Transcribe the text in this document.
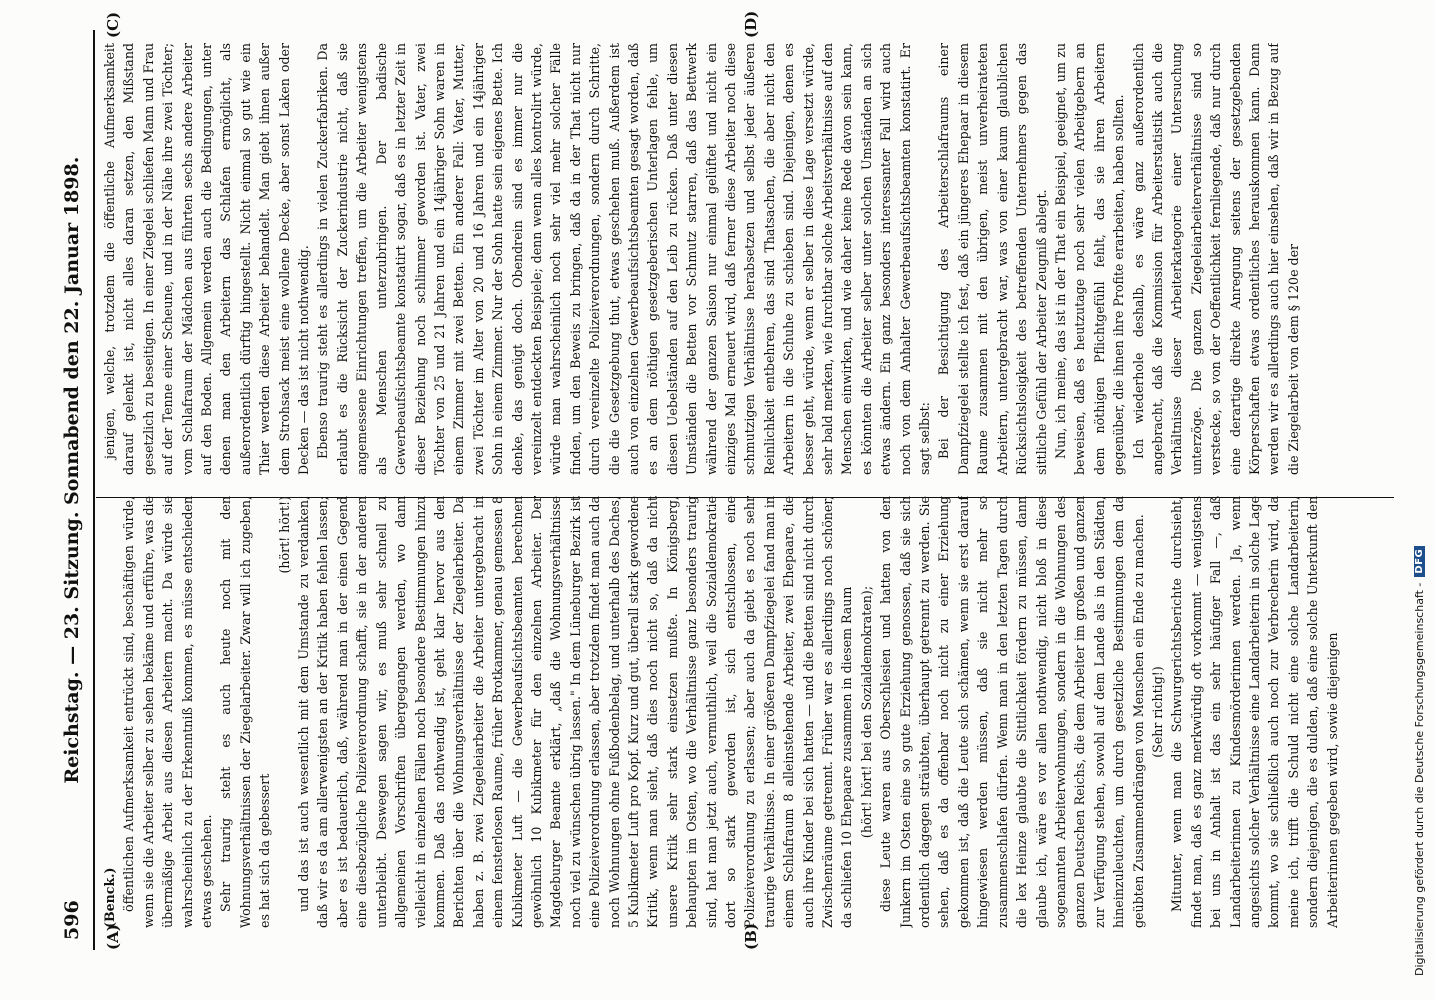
596
Reichstag. — 23. Sitzung. Sonnabend den 22. Januar 1898.
(A)	(B)
(C)	(D)

(Benck.) öffentlichen Aufmerksamkeit entrückt sind, beschäftigen würde, wenn sie die Arbeiter selber zu sehen bekäme und erführe, was die übermäßige Arbeit aus diesen Arbeitern macht. Da würde sie wahrscheinlich zu der Erkenntniß kommen, es müsse entschieden etwas geschehen. Sehr traurig steht es auch heute noch mit den Wohnungsverhältnissen der Ziegelarbeiter. Zwar will ich zugeben, es hat sich da gebessert

(hört! hört!) und das ist auch wesentlich mit dem Umstande zu verdanken, daß wir es da am allerwenigsten an der Kritik haben fehlen lassen; aber es ist bedauerlich, daß, während man in der einen Gegend eine diesbezügliche Polizeiverordnung schafft, sie in der anderen unterbleibt. Deswegen sagen wir, es muß sehr schnell zu allgemeinen Vorschriften übergegangen werden, wo dann vielleicht in einzelnen Fällen noch besondere Bestimmungen hinzu kommen. Daß das nothwendig ist, geht klar hervor aus den Berichten über die Wohnungsverhältnisse der Ziegelarbeiter. Da haben z. B. zwei Ziegeleiarbeiter die Arbeiter untergebracht in einem fensterlosen Raume, früher Brotkammer, genau gemessen 8 Kubikmeter Luft — die Gewerbeaufsichtsbeamten berechnen gewöhnlich 10 Kubikmeter für den einzelnen Arbeiter. Der Magdeburger Beamte erklärt, „daß die Wohnungsverhältnisse noch viel zu wünschen übrig lassen." In dem Lüneburger Bezirk ist eine Polizeiverordnung erlassen, aber trotzdem findet man auch da noch Wohnungen ohne Fußbodenbelag, und unterhalb des Daches, 5 Kubikmeter Luft pro Kopf. Kurz und gut, überall stark gewordene Kritik, wenn man sieht, daß dies noch nicht so, daß da nicht unsere Kritik sehr stark einsetzen mußte. In Königsberg, behaupten im Osten, wo die Verhältnisse ganz besonders traurig sind, hat man jetzt auch, vermuthlich, weil die Sozialdemokratie dort so stark geworden ist, sich entschlossen, eine Polizeiverordnung zu erlassen; aber auch da giebt es noch sehr traurige Verhältnisse. In einer größeren Dampfziegelei fand man in einem Schlafraum 8 alleinstehende Arbeiter, zwei Ehepaare, die auch ihre Kinder bei sich hatten — und die Betten sind nicht durch Zwischenräume getrennt. Früher war es allerdings noch schöner, da schliefen 10 Ehepaare zusammen in diesem Raum (hört! hört! bei den Sozialdemokraten); diese Leute waren aus Oberschlesien und hatten von den Junkern im Osten eine so gute Erziehung genossen, daß sie sich ordentlich dagegen sträubten, überhaupt getrennt zu werden. Sie sehen, daß es da offenbar noch nicht zu einer Erziehung gekommen ist, daß die Leute sich schämen, wenn sie erst darauf hingewiesen werden müssen, daß sie nicht mehr so zusammenschlafen dürfen. Wenn man in den letzten Tagen durch die lex Heinze glaubte die Sittlichkeit fördern zu müssen, dann glaube ich, wäre es vor allen nothwendig, nicht bloß in diese sogenannten Arbeiterwohnungen, sondern in die Wohnungen des ganzen Deutschen Reichs, die dem Arbeiter im großen und ganzen zur Verfügung stehen, sowohl auf dem Lande als in den Städten, hineinzuleuchten, um durch gesetzliche Bestimmungen dem da geübten Zusammendrängen von Menschen ein Ende zu machen. (Sehr richtig!) Mitunter, wenn man die Schwurgerichtsberichte durchsieht, findet man, daß es ganz merkwürdig oft vorkommt — wenigstens bei uns in Anhalt ist das ein sehr häufiger Fall —, daß Landarbeiterinnen zu Kindesmörderinnen werden. Ja, wenn angesichts solcher Verhältnisse eine Landarbeiterin in solche Lage kommt, wo sie schließlich auch noch zur Verbrecherin wird, da meine ich, trifft die Schuld nicht eine solche Landarbeiterin, sondern diejenigen, die es dulden, daß eine solche Unterkunft den Arbeiterinnen gegeben wird, sowie diejenigen

jenigen, welche, trotzdem die öffentliche Aufmerksamkeit darauf gelenkt ist, nicht alles daran setzen, den Mißstand gesetzlich zu beseitigen. In einer Ziegelei schliefen Mann und Frau auf der Tenne einer Scheune, und in der Nähe ihre zwei Töchter; vom Schlafraum der Mädchen aus führten sechs andere Arbeiter auf den Boden. Allgemein werden auch die Bedingungen, unter denen man den Arbeitern das Schlafen ermöglicht, als außerordentlich dürftig hingestellt. Nicht einmal so gut wie ein Thier werden diese Arbeiter behandelt. Man giebt ihnen außer dem Strohsack meist eine wollene Decke, aber sonst Laken oder Decken — das ist nicht nothwendig. Ebenso traurig steht es allerdings in vielen Zuckerfabriken. Da erlaubt es die Rücksicht der Zuckerindustrie nicht, daß sie angemessene Einrichtungen treffen, um die Arbeiter wenigstens als Menschen unterzubringen. Der badische Gewerbeaufsichtsbeamte konstatirt sogar, daß es in letzter Zeit in dieser Beziehung noch schlimmer geworden ist. Vater, zwei Töchter von 25 und 21 Jahren und ein 14jähriger Sohn waren in einem Zimmer mit zwei Betten. Ein anderer Fall: Vater, Mutter, zwei Töchter im Alter von 20 und 16 Jahren und ein 14jähriger Sohn in einem Zimmer. Nur der Sohn hatte sein eigenes Bette. Ich denke, das genügt doch. Obendrein sind es immer nur die vereinzelt entdeckten Beispiele; denn wenn alles kontrolirt würde, würde man wahrscheinlich noch sehr viel mehr solcher Fälle finden, um den Beweis zu bringen, daß da in der That nicht nur durch vereinzelte Polizeiverordnungen, sondern durch Schritte, die die Gesetzgebung thut, etwas geschehen muß. Außerdem ist auch von einzelnen Gewerbeaufsichtsbeamten gesagt worden, daß es an dem nöthigen gesetzgeberischen Unterlagen fehle, um diesen Uebelständen auf den Leib zu rücken. Daß unter diesen Umständen die Betten vor Schmutz starren, daß das Bettwerk während der ganzen Saison nur einmal gelüftet und nicht ein einziges Mal erneuert wird, daß ferner diese Arbeiter noch diese schmutzigen Verhältnisse herabsetzen und selbst jeder äußeren Reinlichkeit entbehren, das sind Thatsachen, die aber nicht den Arbeitern in die Schuhe zu schieben sind. Diejenigen, denen es besser geht, würde, wenn er selber in diese Lage versetzt würde, sehr bald merken, wie furchtbar solche Arbeitsverhältnisse auf den Menschen einwirken, und wie daher keine Rede davon sein kann, es könnten die Arbeiter selber unter solchen Umständen an sich etwas ändern. Ein ganz besonders interessanter Fall wird auch noch von dem Anhalter Gewerbeaufsichtsbeamten konstatirt. Er sagt selbst: Bei der Besichtigung des Arbeiterschlafraums einer Dampfziegelei stellte ich fest, daß ein jüngeres Ehepaar in diesem Raume zusammen mit den übrigen, meist unverheirateten Arbeitern, untergebracht war, was von einer kaum glaublichen Rücksichtslosigkeit des betreffenden Unternehmers gegen das sittliche Gefühl der Arbeiter Zeugniß ablegt. Nun, ich meine, das ist in der That ein Beispiel, geeignet, um zu beweisen, daß es heutzutage noch sehr vielen Arbeitgebern an dem nöthigen Pflichtgefühl fehlt, das sie ihren Arbeitern gegenüber, die ihnen ihre Profite erarbeiten, haben sollten. Ich wiederhole deshalb, es wäre ganz außerordentlich angebracht, daß die Kommission für Arbeiterstatistik auch die Verhältnisse dieser Arbeiterkategorie einer Untersuchung unterzöge. Die ganzen Ziegeleiarbeiterverhältnisse sind so verstecke, so von der Oeffentlichkeit fernliegende, daß nur durch eine derartige direkte Anregung seitens der gesetzgebenden Körperschaften etwas ordentliches herauskommen kann. Dann werden wir es allerdings auch hier einsehen, daß wir in Bezug auf die Ziegelarbeit von dem § 120e der

Digitalisierung gefördert durch die Deutsche Forschungsgemeinschaft -
DFG
